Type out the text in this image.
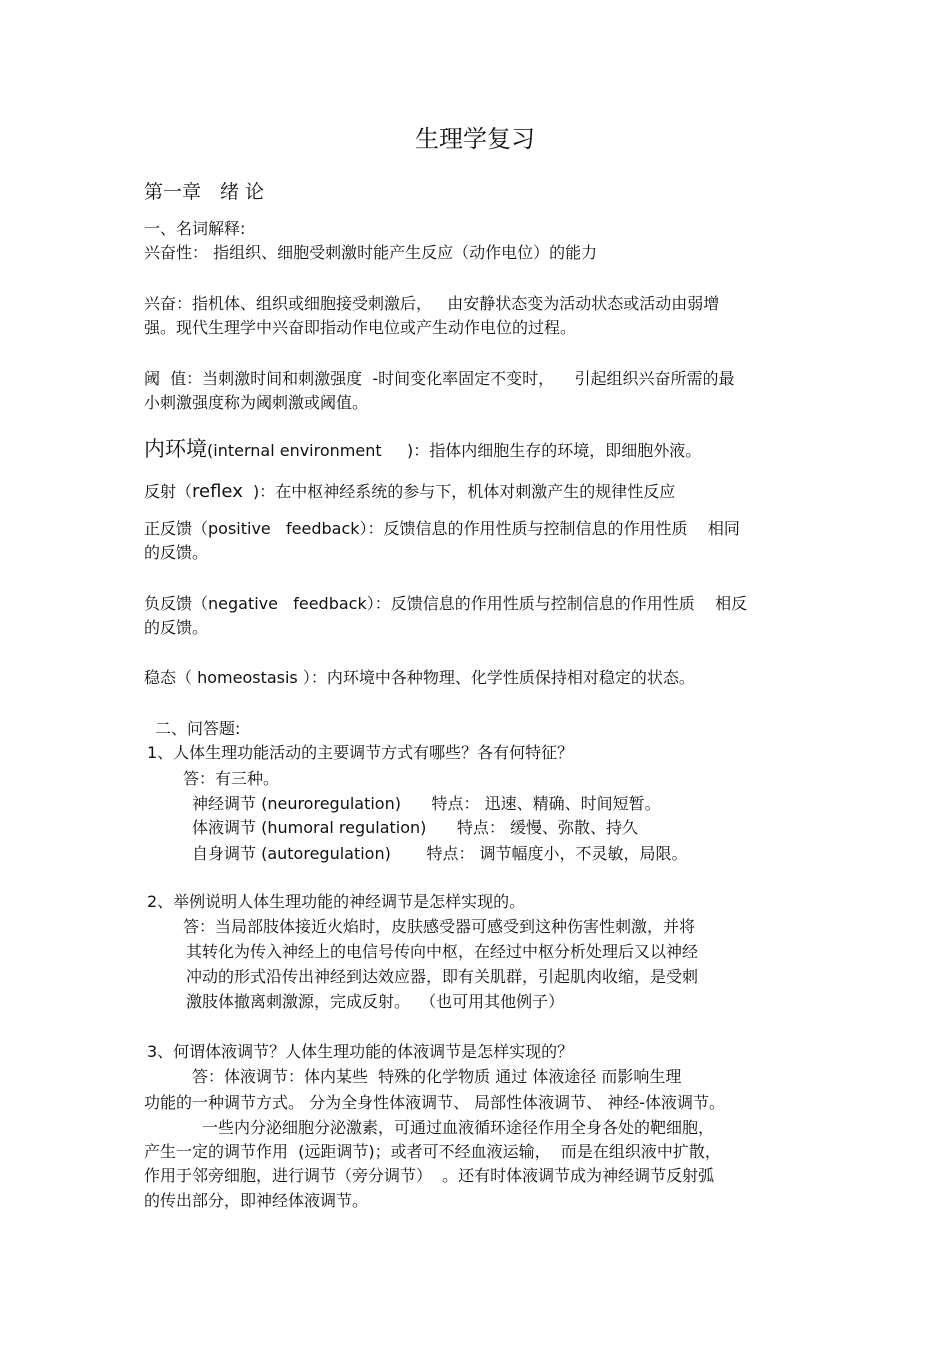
生理学复习

第一章　绪 论

一、名词解释:

兴奋性： 指组织、细胞受刺激时能产生反应（动作电位）的能力

兴奋：指机体、组织或细胞接受刺激后，   由安静状态变为活动状态或活动由弱增

强。现代生理学中兴奋即指动作电位或产生动作电位的过程。

阈  值：当刺激时间和刺激强度  -时间变化率固定不变时，    引起组织兴奋所需的最

小刺激强度称为阈刺激或阈值。

内环境(internal environment     )：指体内细胞生存的环境，即细胞外液。

反射（reflex  )：在中枢神经系统的参与下，机体对刺激产生的规律性反应

正反馈（positive   feedback）：反馈信息的作用性质与控制信息的作用性质    相同

的反馈。

负反馈（negative   feedback）：反馈信息的作用性质与控制信息的作用性质    相反

的反馈。

稳态（ homeostasis ）：内环境中各种物理、化学性质保持相对稳定的状态。

二、问答题:

1、人体生理功能活动的主要调节方式有哪些？各有何特征？

答：有三种。

神经调节 (neuroregulation)      特点： 迅速、精确、时间短暂。

体液调节 (humoral regulation)      特点： 缓慢、弥散、持久

自身调节 (autoregulation)       特点： 调节幅度小，不灵敏，局限。

2、举例说明人体生理功能的神经调节是怎样实现的。

答：当局部肢体接近火焰时，皮肤感受器可感受到这种伤害性刺激，并将

其转化为传入神经上的电信号传向中枢，在经过中枢分析处理后又以神经

冲动的形式沿传出神经到达效应器，即有关肌群，引起肌肉收缩，是受刺

激肢体撤离刺激源，完成反射。  （也可用其他例子）

3、何谓体液调节？人体生理功能的体液调节是怎样实现的？

答：体液调节：体内某些  特殊的化学物质 通过 体液途径 而影响生理

功能的一种调节方式。 分为全身性体液调节、 局部性体液调节、 神经-体液调节。

一些内分泌细胞分泌激素，可通过血液循环途径作用全身各处的靶细胞，

产生一定的调节作用  (远距调节)；或者可不经血液运输，  而是在组织液中扩散，

作用于邻旁细胞，进行调节（旁分调节）  。还有时体液调节成为神经调节反射弧

的传出部分，即神经体液调节。
